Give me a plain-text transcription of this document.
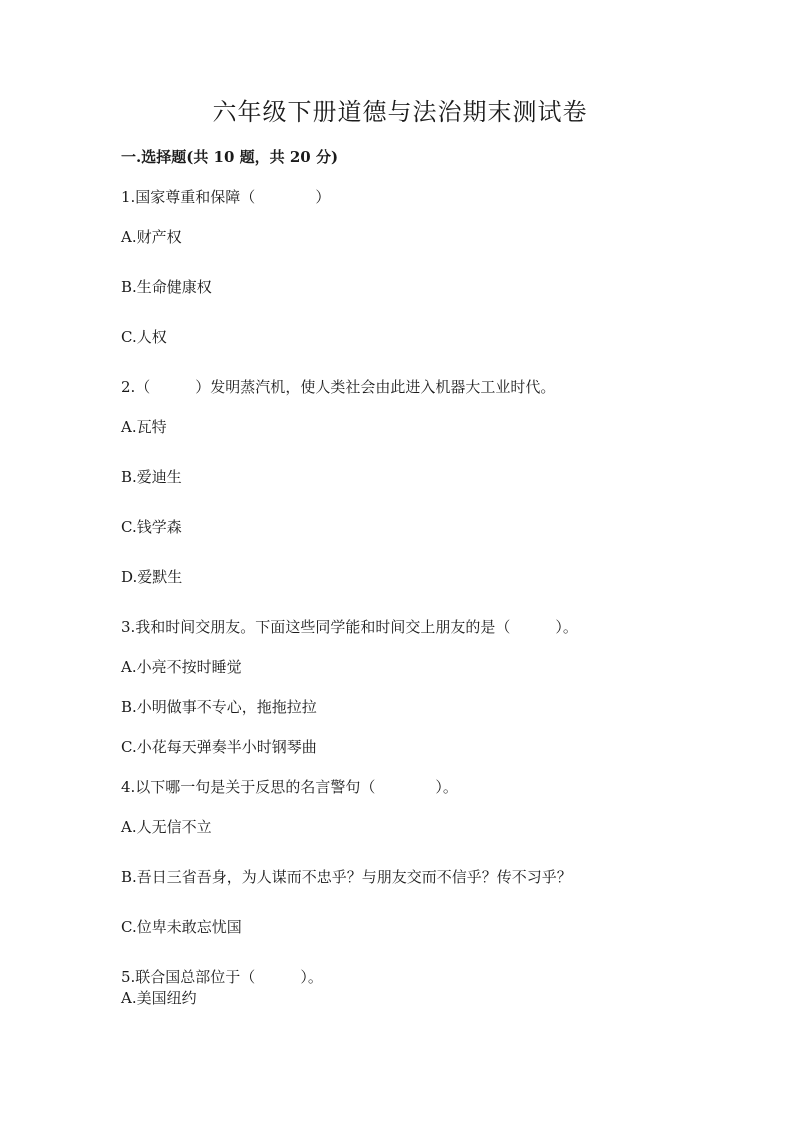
六年级下册道德与法治期末测试卷
一.选择题(共 10 题，共 20 分)
1.国家尊重和保障（　　　　）
A.财产权
B.生命健康权
C.人权
2.（　　　）发明蒸汽机，使人类社会由此进入机器大工业时代。
A.瓦特
B.爱迪生
C.钱学森
D.爱默生
3.我和时间交朋友。下面这些同学能和时间交上朋友的是（　　　）。
A.小亮不按时睡觉
B.小明做事不专心，拖拖拉拉
C.小花每天弹奏半小时钢琴曲
4.以下哪一句是关于反思的名言警句（　　　　）。
A.人无信不立
B.吾日三省吾身，为人谋而不忠乎？与朋友交而不信乎？传不习乎？
C.位卑未敢忘忧国
5.联合国总部位于（　　　）。
A.美国纽约
